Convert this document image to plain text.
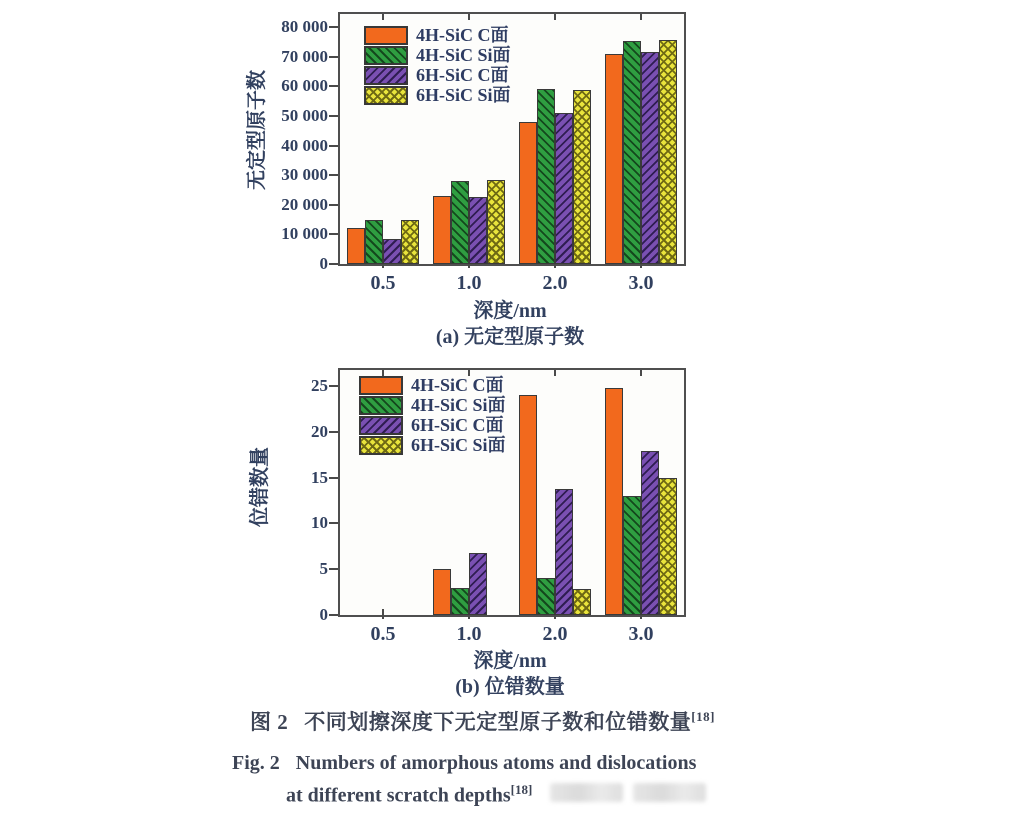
无定型原子数
0
10 000
20 000
30 000
40 000
50 000
60 000
70 000
80 000
0.5	1.0	2.0	3.0
4H-SiC C面
4H-SiC Si面
6H-SiC C面
6H-SiC Si面
深度/nm
(a) 无定型原子数
位错数量
0
5
10
15
20
25
0.5	1.0	2.0	3.0
4H-SiC C面
4H-SiC Si面
6H-SiC C面
6H-SiC Si面
深度/nm
(b) 位错数量
图 2 不同划擦深度下无定型原子数和位错数量[18]
Fig. 2 Numbers of amorphous atoms and dislocations
at different scratch depths[18]
